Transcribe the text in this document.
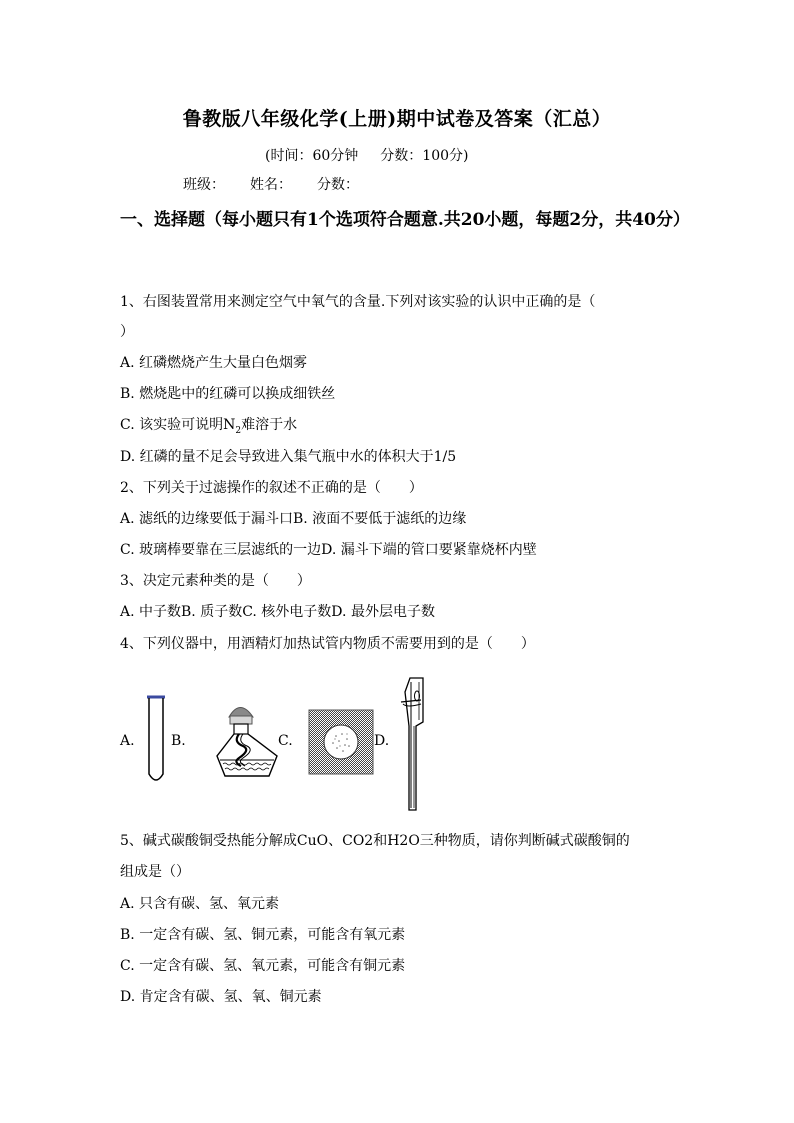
鲁教版八年级化学(上册)期中试卷及答案（汇总）
(时间：60分钟 分数：100分)
班级： 姓名： 分数：
一、选择题（每小题只有1个选项符合题意.共20小题，每题2分，共40分）
1、右图装置常用来测定空气中氧气的含量.下列对该实验的认识中正确的是（
）
A. 红磷燃烧产生大量白色烟雾
B. 燃烧匙中的红磷可以换成细铁丝
C. 该实验可说明$N_2$难溶于水
D. 红磷的量不足会导致进入集气瓶中水的体积大于1/5
2、下列关于过滤操作的叙述不正确的是（　　）
A. 滤纸的边缘要低于漏斗口B. 液面不要低于滤纸的边缘
C. 玻璃棒要靠在三层滤纸的一边D. 漏斗下端的管口要紧靠烧杯内壁
3、决定元素种类的是（　　）
A. 中子数B. 质子数C. 核外电子数D. 最外层电子数
4、下列仪器中，用酒精灯加热试管内物质不需要用到的是（　　）
A.	B.	C.	D.
5、碱式碳酸铜受热能分解成CuO、CO2和H2O三种物质，请你判断碱式碳酸铜的
组成是（）
A. 只含有碳、氢、氧元素
B. 一定含有碳、氢、铜元素，可能含有氧元素
C. 一定含有碳、氢、氧元素，可能含有铜元素
D. 肯定含有碳、氢、氧、铜元素
